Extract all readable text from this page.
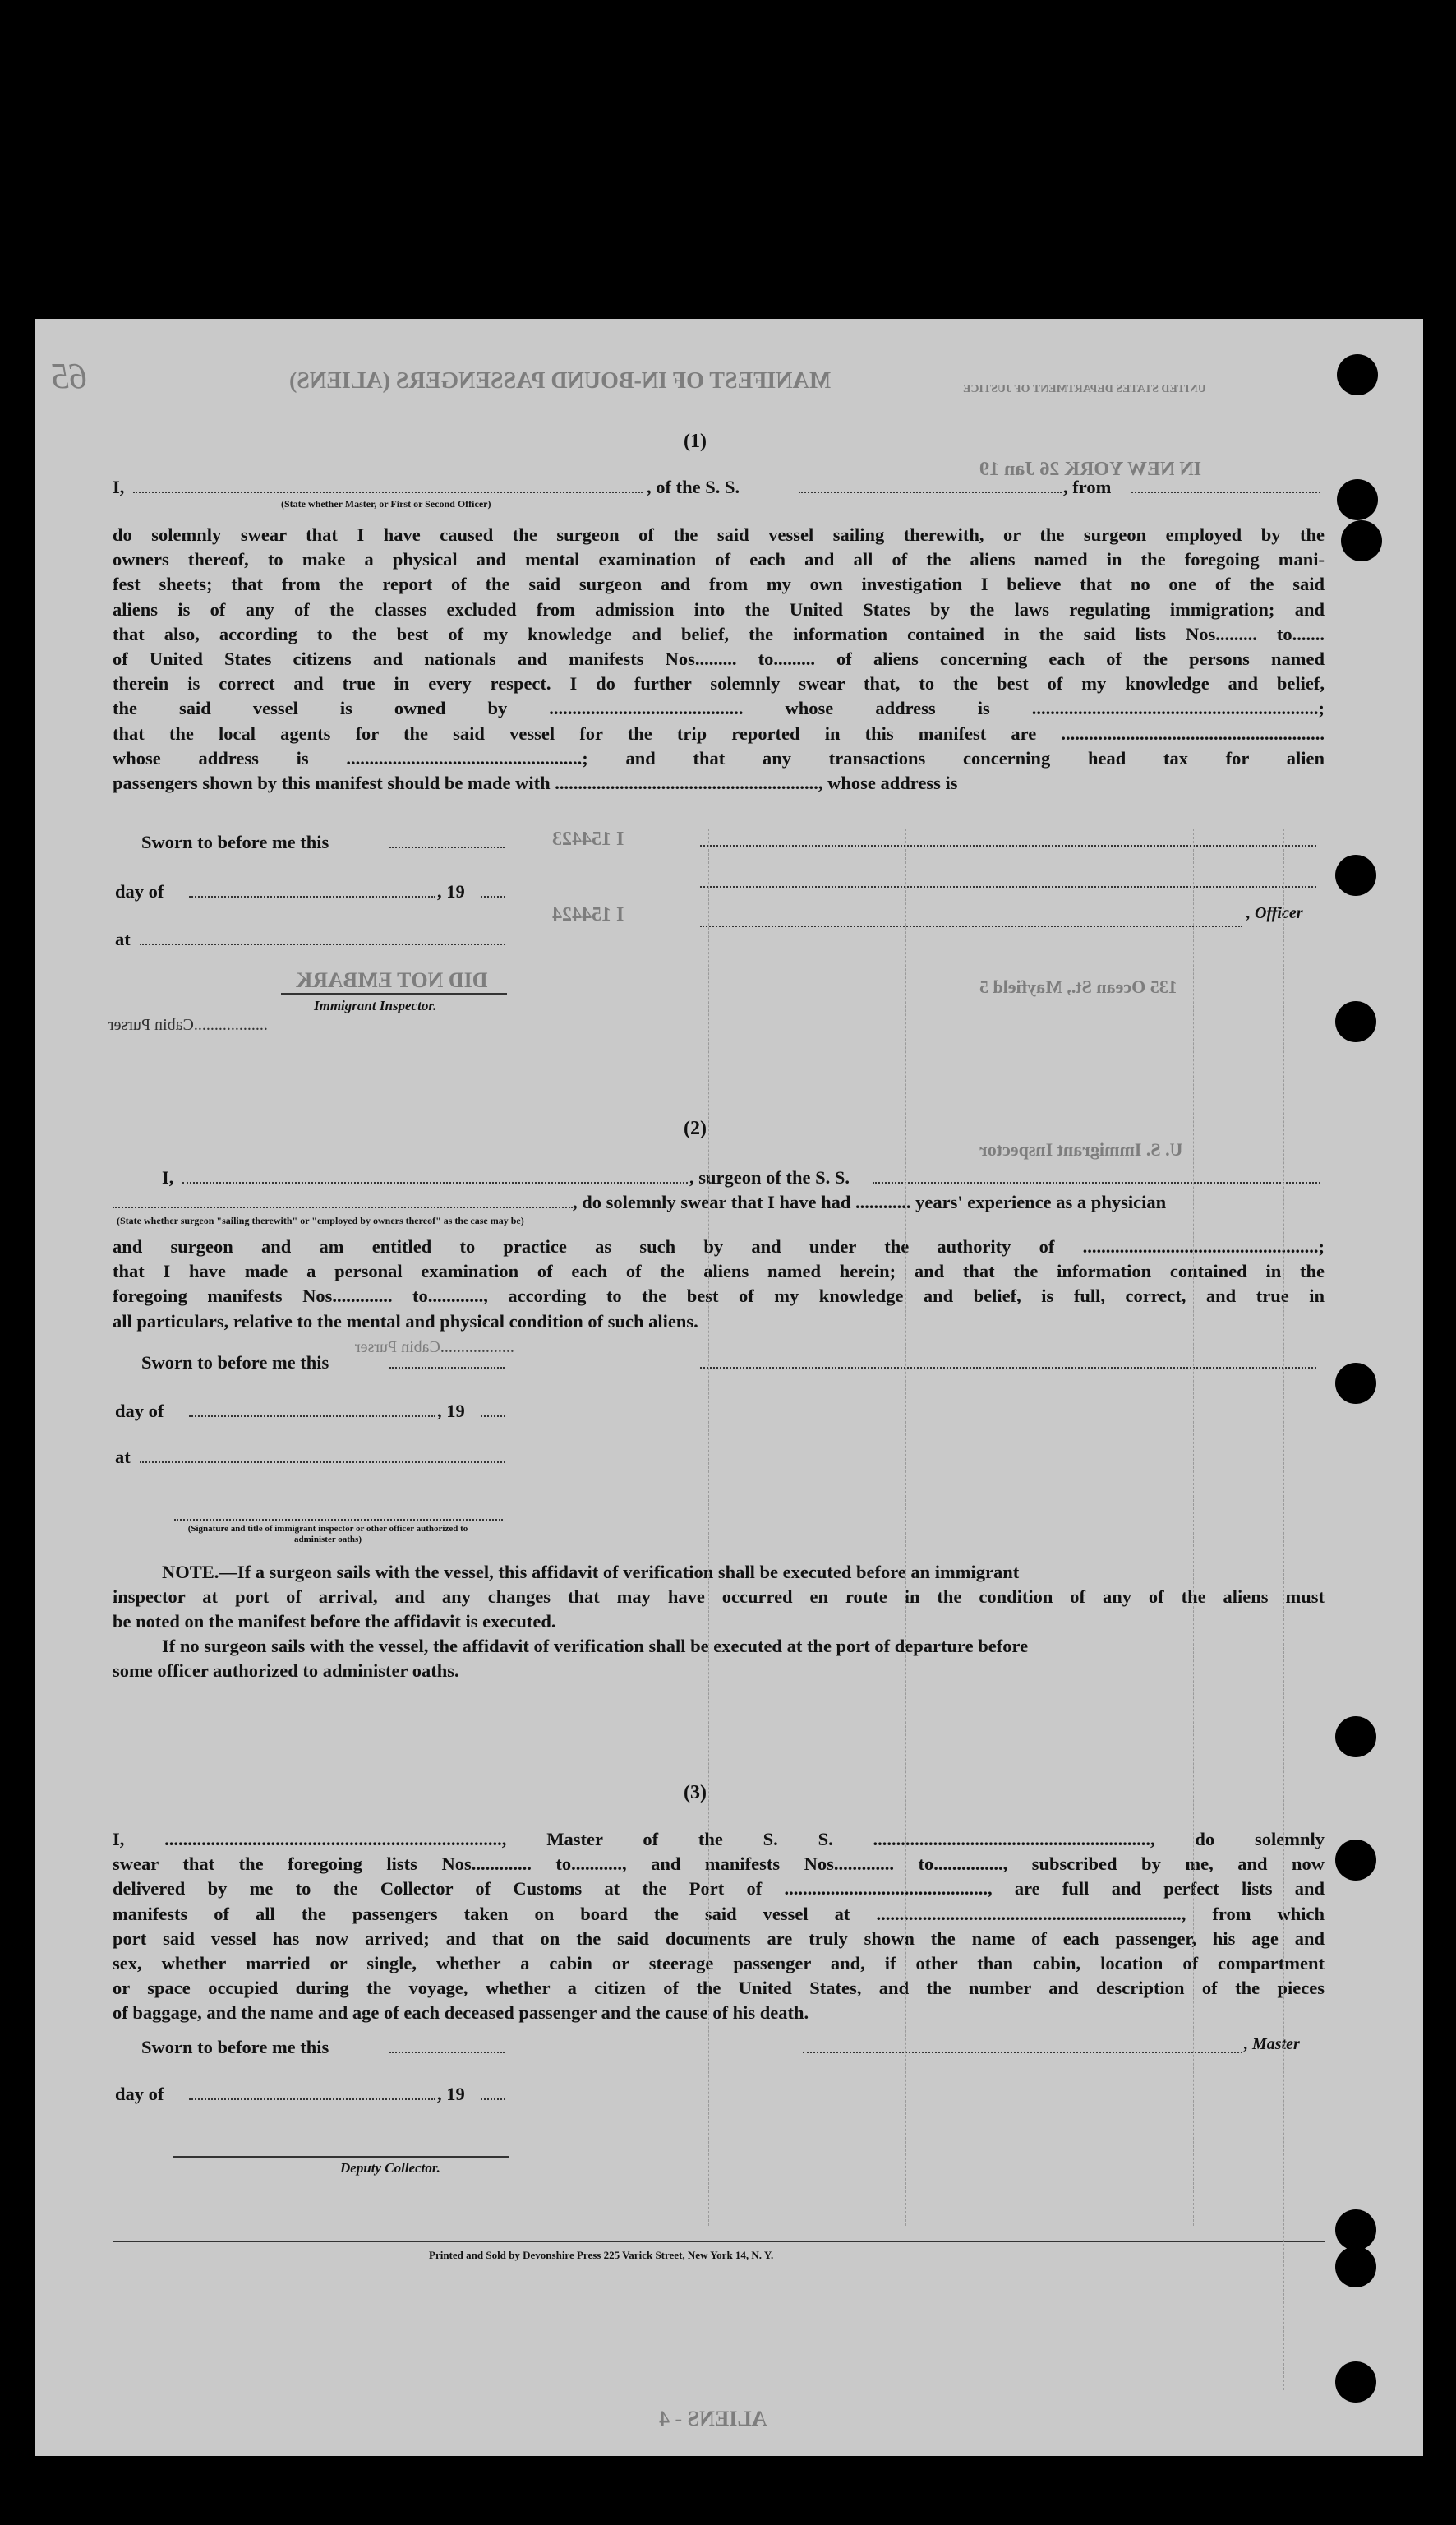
MANIFEST OF IN-BOUND PASSENGERS (ALIENS)	UNITED STATES DEPARTMENT OF JUSTICE
65
IN NEW YORK 26 Jan 19
(1)
I,	, of the S. S.	, from
(State whether Master, or First or Second Officer)
do solemnly swear that I have caused the surgeon of the said vessel sailing therewith, or the surgeon employed by the
owners thereof, to make a physical and mental examination of each and all of the aliens named in the foregoing mani-
fest sheets; that from the report of the said surgeon and from my own investigation I believe that no one of the said
aliens is of any of the classes excluded from admission into the United States by the laws regulating immigration; and
that also, according to the best of my knowledge and belief, the information contained in the said lists Nos......... to.......
of United States citizens and nationals and manifests Nos......... to......... of aliens concerning each of the persons named
therein is correct and true in every respect. I do further solemnly swear that, to the best of my knowledge and belief,
the said vessel is owned by .......................................... whose address is ..............................................................;
that the local agents for the said vessel for the trip reported in this manifest are .........................................................
whose address is ...................................................; and that any transactions concerning head tax for alien
passengers shown by this manifest should be made with ........................................................., whose address is
, Officer
Sworn to before me this
day of	, 19
at
Immigrant Inspector.
DID NOT EMBARK
I 154423
I 154424
135 Ocean St., Mayfield 5
Cabin Purser..................
(2)
U. S. Immigrant Inspector
I,	, surgeon of the S. S.
, do solemnly swear that I have had ............ years' experience as a physician
(State whether surgeon "sailing therewith" or "employed by owners thereof" as the case may be)
and surgeon and am entitled to practice as such by and under the authority of ...................................................;
that I have made a personal examination of each of the aliens named herein; and that the information contained in the
foregoing manifests Nos............. to............, according to the best of my knowledge and belief, is full, correct, and true in
all particulars, relative to the mental and physical condition of such aliens.
Sworn to before me this
Cabin Purser..................
day of	, 19
at
(Signature and title of immigrant inspector or other officer authorized to administer oaths)
NOTE.—If a surgeon sails with the vessel, this affidavit of verification shall be executed before an immigrant
inspector at port of arrival, and any changes that may have occurred en route in the condition of any of the aliens must
be noted on the manifest before the affidavit is executed.
If no surgeon sails with the vessel, the affidavit of verification shall be executed at the port of departure before
some officer authorized to administer oaths.
(3)
I, ........................................................................., Master of the S. S. ............................................................, do solemnly
swear that the foregoing lists Nos............. to..........., and manifests Nos............. to..............., subscribed by me, and now
delivered by me to the Collector of Customs at the Port of ............................................, are full and perfect lists and
manifests of all the passengers taken on board the said vessel at .................................................................., from which
port said vessel has now arrived; and that on the said documents are truly shown the name of each passenger, his age and
sex, whether married or single, whether a cabin or steerage passenger and, if other than cabin, location of compartment
or space occupied during the voyage, whether a citizen of the United States, and the number and description of the pieces
of baggage, and the name and age of each deceased passenger and the cause of his death.
Sworn to before me this	, Master
day of	, 19
Deputy Collector.
Printed and Sold by Devonshire Press 225 Varick Street, New York 14, N. Y.
ALIENS - 4
